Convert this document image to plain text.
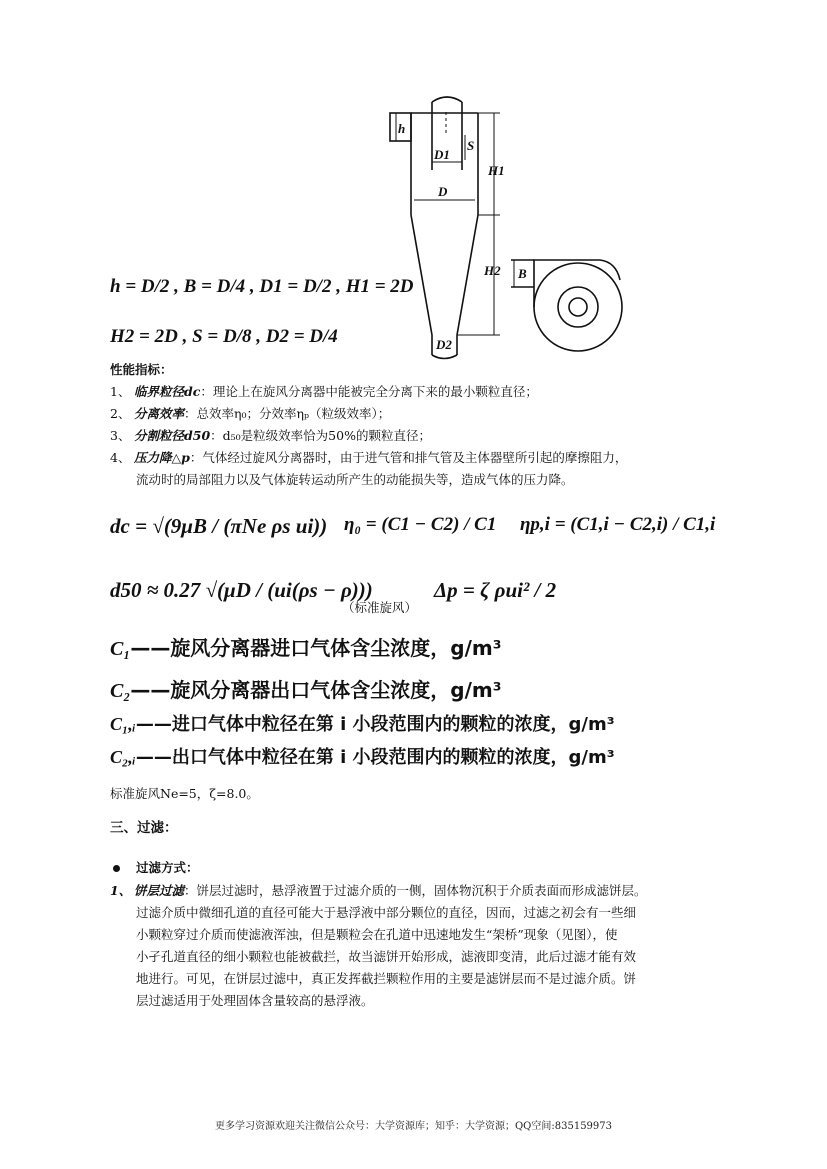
h
D1
S
H1
D
B
H2
D2
h = D/2 , B = D/4 , D1 = D/2 , H1 = 2D
H2 = 2D , S = D/8 , D2 = D/4
性能指标：
1、 临界粒径dc：理论上在旋风分离器中能被完全分离下来的最小颗粒直径；
2、 分离效率：总效率η₀；分效率ηₚ（粒级效率）；
3、 分割粒径d50：d₅₀是粒级效率恰为50%的颗粒直径；
4、 压力降△p：气体经过旋风分离器时，由于进气管和排气管及主体器壁所引起的摩擦阻力，
流动时的局部阻力以及气体旋转运动所产生的动能损失等，造成气体的压力降。
dc = √(9μB / (πNe ρs ui)) η₀ = (C1 − C2) / C1 ηp,i = (C1,i − C2,i) / C1,i
d50 ≈ 0.27 √(μD / (ui(ρs − ρ)))
（标准旋风）
Δp = ζ ρui² / 2
C₁——旋风分离器进口气体含尘浓度，g/m³
C₂——旋风分离器出口气体含尘浓度，g/m³
C₁,ᵢ——进口气体中粒径在第 i 小段范围内的颗粒的浓度，g/m³
C₂,ᵢ——出口气体中粒径在第 i 小段范围内的颗粒的浓度，g/m³
标准旋风Ne=5，ζ=8.0。
三、过滤：
过滤方式：
1、 饼层过滤：饼层过滤时，悬浮液置于过滤介质的一侧，固体物沉积于介质表面而形成滤饼层。
过滤介质中微细孔道的直径可能大于悬浮液中部分颗位的直径，因而，过滤之初会有一些细
小颗粒穿过介质而使滤液浑浊，但是颗粒会在孔道中迅速地发生“架桥”现象（见图），使
小孑孔道直径的细小颗粒也能被截拦，故当滤饼开始形成，滤液即变清，此后过滤才能有效
地进行。可见，在饼层过滤中，真正发挥截拦颗粒作用的主要是滤饼层而不是过滤介质。饼
层过滤适用于处理固体含量较高的悬浮液。
更多学习资源欢迎关注微信公众号：大学资源库；知乎：大学资源；QQ空间:835159973
